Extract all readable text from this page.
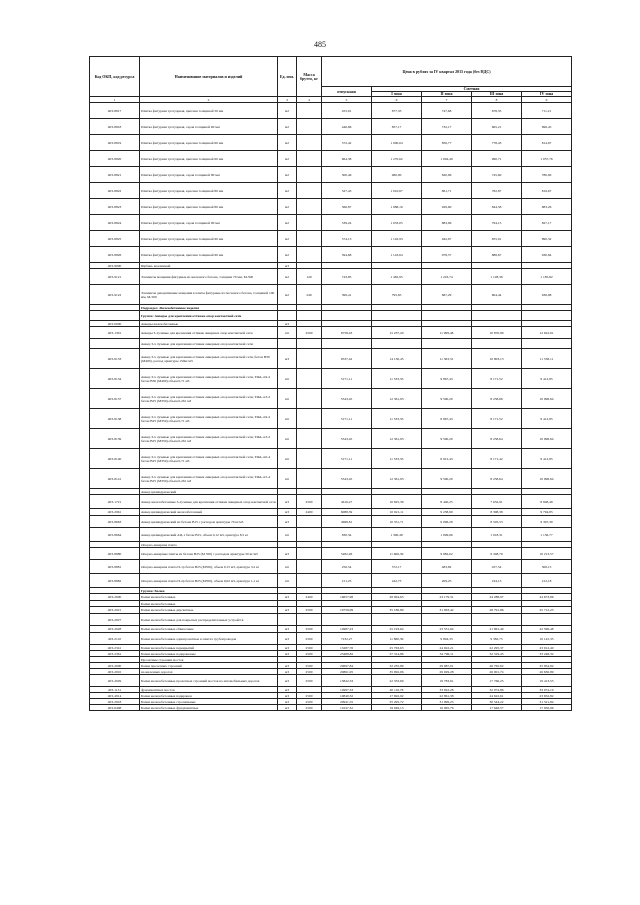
485
Код ОКП, код ресурса	Наименование материалов и изделий	Ед. изм.	Масса брутто, кг	Цена в рублях за IV квартал 2015 года (без НДС)				
				отпускная	Сметная			
					I зона	II зона	III зона	IV зона
1	2	3	4	5	6	7	8	9
403-8817	Плитка фигурная тротуарная, цветная толщиной 50 мм	м2		455,91	877,33	747,68	678,35	711,21
403-8818	Плитка фигурная тротуарная, серая толщиной 60 мм	м2		446,86	857,17	732,17	665,21	696,45
403-8819	Плитка фигурная тротуарная, красная толщиной 60 мм	м2		572,42	1 000,04	856,77	778,43	814,97
403-8820	Плитка фигурная тротуарная, цветная толщиной 60 мм	м2		664,38	1 270,62	1 094,49	990,71	1 037,76
403-8821	Плитка фигурная тротуарная, серая толщиной 80 мм	м2		500,46	960,00	820,96	745,60	780,00
403-8822	Плитка фигурная тротуарная, красная толщиной 80 мм	м2		527,43	1 010,67	861,71	782,87	819,67
403-8823	Плитка фигурная тротуарная, цветная толщиной 80 мм	м2		566,87	1 088,16	929,60	844,58	883,26
403-8824	Плитка фигурная тротуарная, серая толщиной 90 мм	м2		539,24	1 033,05	883,96	794,15	827,17
403-8825	Плитка фигурная тротуарная, красная толщиной 90 мм	м2		574,13	1 102,93	942,67	855,91	890,32
403-8826	Плитка фигурная тротуарная, цветная толщиной 90 мм	м2		594,68	1 143,64	978,57	888,67	930,84
403-9000	Щебень мозаичный	м3						
403-9121	Элементы мощения фигурные из железного бетона, толщина 70 мм, М-500	м2	120	743,85	1 482,95	1 243,74	1 128,36	1 185,82
403-9122	Элементы декоративные мощения в плиты фигурные из песчаного бетона, толщиной 100 мм, М-500	м2	240	399,41	795,65	667,29	604,44	636,98
	Подраздел. Железобетонные изделия							
	Группа: Анкеры для крепления оттяжек опор контактной сети							
403-0000	Анкеры железобетонные	м3						
403-1391	Анкеры 3-лучевые для крепления оттяжек анкерных опор контактной сети	шт	2500	6758,43	15 237,20	11 999,48	10 870,99	12 622,61
	Анкер 3-х лучевые для крепления оттяжек анкерных опор контактной сети							
403-8133	Анкер 3-х лучевые для крепления оттяжек анкерных опор контактной сети, бетон В30 (М400), расход арматуры 150кг/м3	м3		6537,42	14 130,45	11 363,31	10 803,13	11 538,11
403-8134	Анкер 3-х лучевые для крепления оттяжек анкерных опор контактной сети, ТФА-4.9-2 бетон В30 (М400) объем 0,71 м3	шт		5171,11	11 533,35	9 867,43	8 171,52	9 412,85
403-8137	Анкер 3-х лучевые для крепления оттяжек анкерных опор контактной сети, ТФА-4.3-2 бетон В25 (М350) объем 0,261 м3	шт		5543,45	12 361,93	9 590,20	8 258,66	10 098,64
403-8138	Анкер 3-х лучевые для крепления оттяжек анкерных опор контактной сети, ТФА-4.9-2 бетон В25 (М350) объем 0,71 м3	шт		5171,11	11 533,35	8 967,43	8 171,52	9 412,85
403-8139	Анкер 3-х лучевые для крепления оттяжек анкерных опор контактной сети, ТФА-4.3-2 бетон В25 (М350) объем 0,261 м3	шт		5543,45	12 361,93	9 590,20	8 258,64	10 098,64
403-8140	Анкер 3-х лучевые для крепления оттяжек анкерных опор контактной сети, ТФА-4.0-4 бетон В25 (М350) объем 0,71 м3	шт		5171,11	11 533,35	8 912,43	8 171,42	9 412,85
403-8141	Анкер 3-х лучевые для крепления оттяжек анкерных опор контактной сети, ТФА-4.5-4 бетон В25 (М350) объем 0,261 м3	шт		5543,45	12 361,93	9 590,20	8 258,64	10 098,64
	Анкер цилиндрический							
403-1721	Анкер железобетонные 3-лучевые для крепления оттяжек анкерных опор контактной сети	м3	2500	4616,27	10 825,36	8 440,25	7 632,91	8 848,49
403-2961	Анкер цилиндрический железобетонный	м3	2400	6088,59	10 921,11	9 238,99	8 398,38	9 794,85
403-8663	Анкер цилиндрический из бетона В15 с расходом арматуры 70 кг/м3	м3		4698,81	10 351,71	9 096,28	8 505,53	9 397,39
403-8664	Анкер цилиндрический АЦ-1 бетон В15, объем 0,12 м3, арматура 8,5 кг	шт		830,34	1 300,48	1 099,66	1 018,31	1 136,77
	Опорно-анкерная плита							
403-8880	Опорно-анкерные плиты из бетона В25 (М 350) с расходом арматуры 50 кг/м3	м3		5282,26	11 606,39	9 882,02	9 348,79	10 213,57
403-8881	Опорно-анкерная плита П-1р бетон В25 (М350), объем 0,15 м3, арматура 3,2 кг	шт		256,54	572,17	483,82	457,54	506,15
403-8882	Опорно-анкерная плита П-2р бетон В25 (М350), объем 0,02 м3, арматура 1,1 кг	шт		151,25	242,73	209,25	194,13	212,18
	Группа: Балки							
403-2000	Балки железобетонные	м3	2400	16657,98	28 004,63	23 179,31	24 288,97	24 673,86
	Балки железобетонные							
403-2021	Балки железобетонные двускатные	м3	2500	19759,09	35 186,89	31 063,42	28 791,86	25 712,23
403-2027	Балки железобетонные для покрытых распределительных устройств							
403-2028	Балки железобетонные обвязочные	м3	2500	14987,23	25 193,64	23 531,94	21 861,49	22 596,48
403-2110	Балки железобетонные однопролетные в плитах трубопроводов	м3	2500	7232,27	11 860,39	9 804,33	9 382,75	10 145,35
403-2341	Балки железобетонные перекрытий	м3	2500	15287,76	25 763,63	24 022,21	22 295,37	23 012,40
403-2361	Балки железобетонные подкрановые	м3	2500	23488,82	37 314,86	34 706,11	32 319,45	33 248,32
	Пролетные строения мостов							
403-2000	Балки пролетных строений	м3	2500	20697,84	32 235,89	29 087,01	26 765,62	25 954,92
403-2010	на железных дорогах	м3	2500	20861,95	35 092,06	29 029,28	26 001,74	26 630,89
403-2029	Балки железобетонные пролетных строений мостов на автомобильных дорогах	м3	2500	13842,33	22 333,69	19 783,61	17 766,25	19 413,53
403-1131	фундаментных мостов	м3		14997,33	40 116,78	33 922,28	32 074,86	33 074,19
403-4914	Балки железобетонные подкранов	м3	2500	10840,32	17 692,92	22 861,38	24 622,61	23 652,82
403-2918	Балки железобетонные стропильные	м3	2500	20941,55	35 295,72	31 999,25	30 544,22	31 521,84
403-6498	Балки железобетонные фундаментные	м3	2500	11647,32	19 049,13	16 965,76	17 648,57	17 950,96
